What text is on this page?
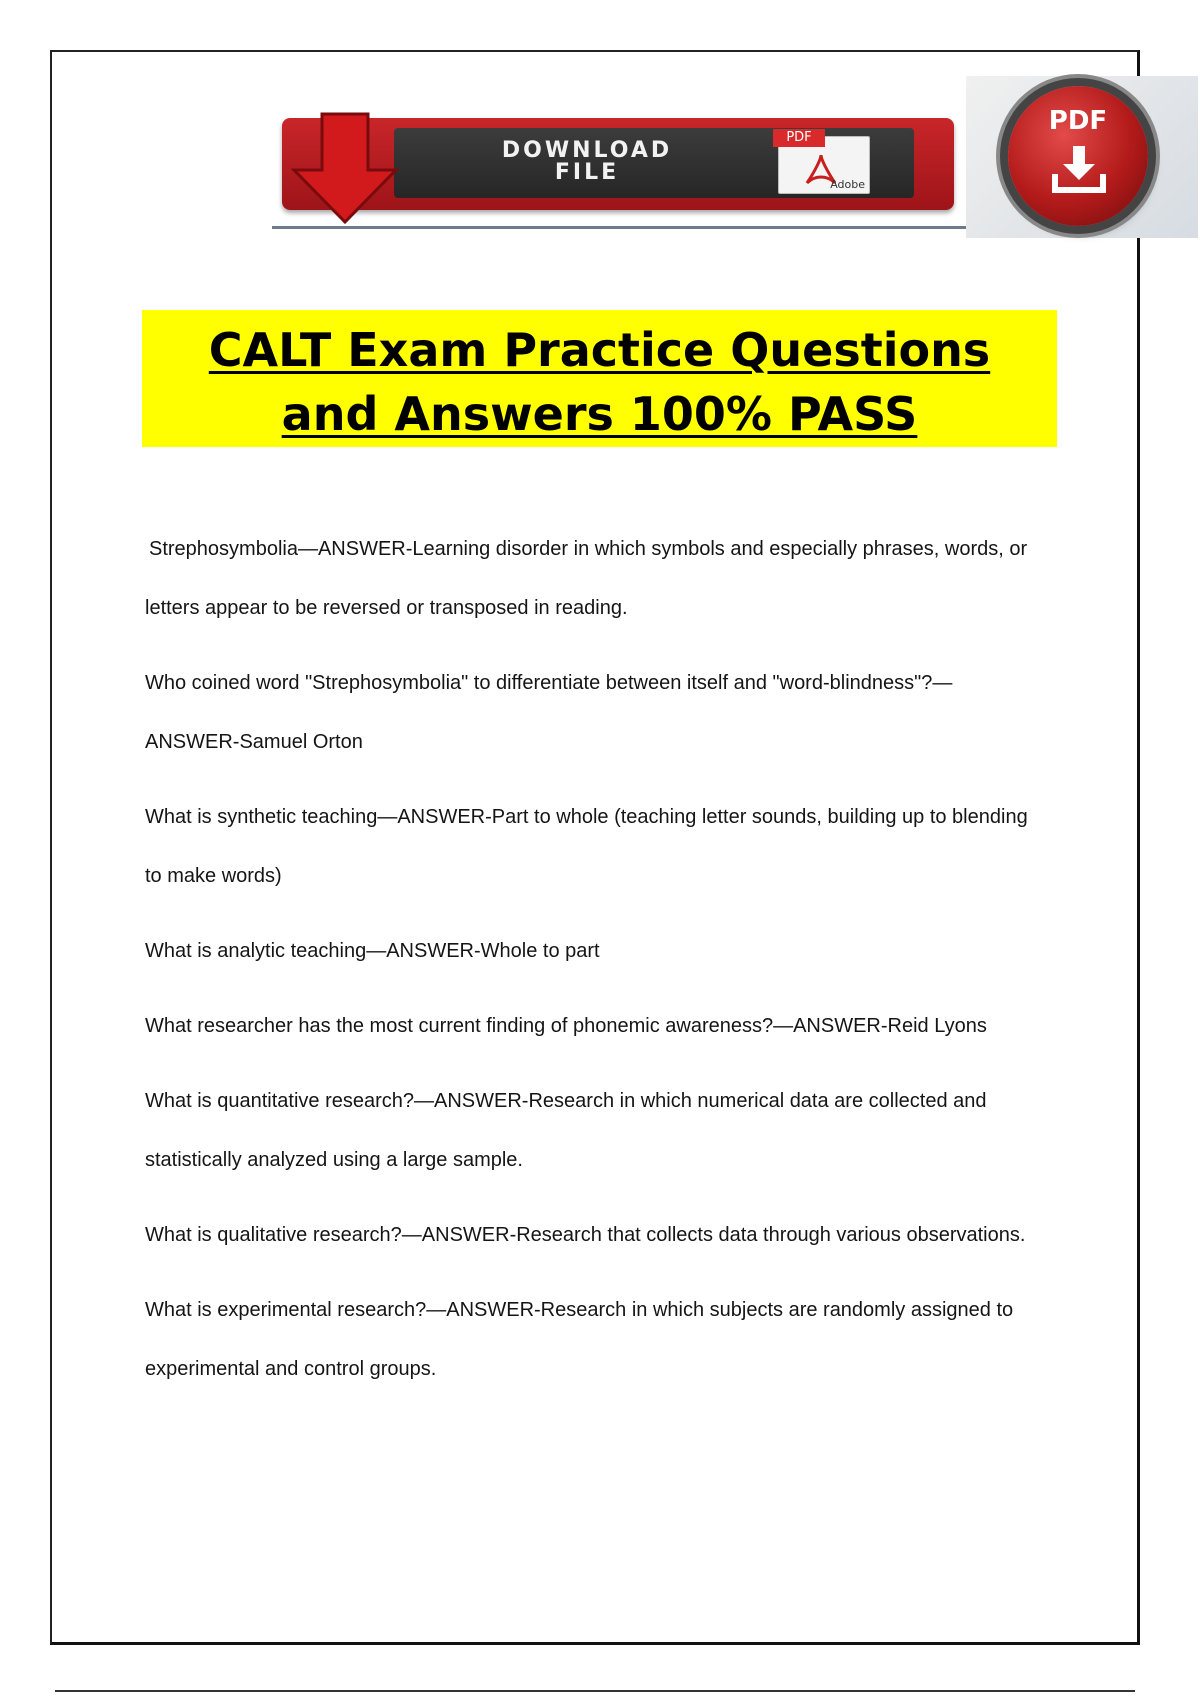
DOWNLOAD
FILE
PDF
Adobe
PDF
CALT Exam Practice Questions
and Answers 100% PASS

Strephosymbolia—ANSWER-Learning disorder in which symbols and especially phrases, words, or letters appear to be reversed or transposed in reading.

Who coined word "Strephosymbolia" to differentiate between itself and "word-blindness"?—ANSWER-Samuel Orton

What is synthetic teaching—ANSWER-Part to whole (teaching letter sounds, building up to blending to make words)

What is analytic teaching—ANSWER-Whole to part

What researcher has the most current finding of phonemic awareness?—ANSWER-Reid Lyons

What is quantitative research?—ANSWER-Research in which numerical data are collected and statistically analyzed using a large sample.

What is qualitative research?—ANSWER-Research that collects data through various observations.

What is experimental research?—ANSWER-Research in which subjects are randomly assigned to experimental and control groups.
